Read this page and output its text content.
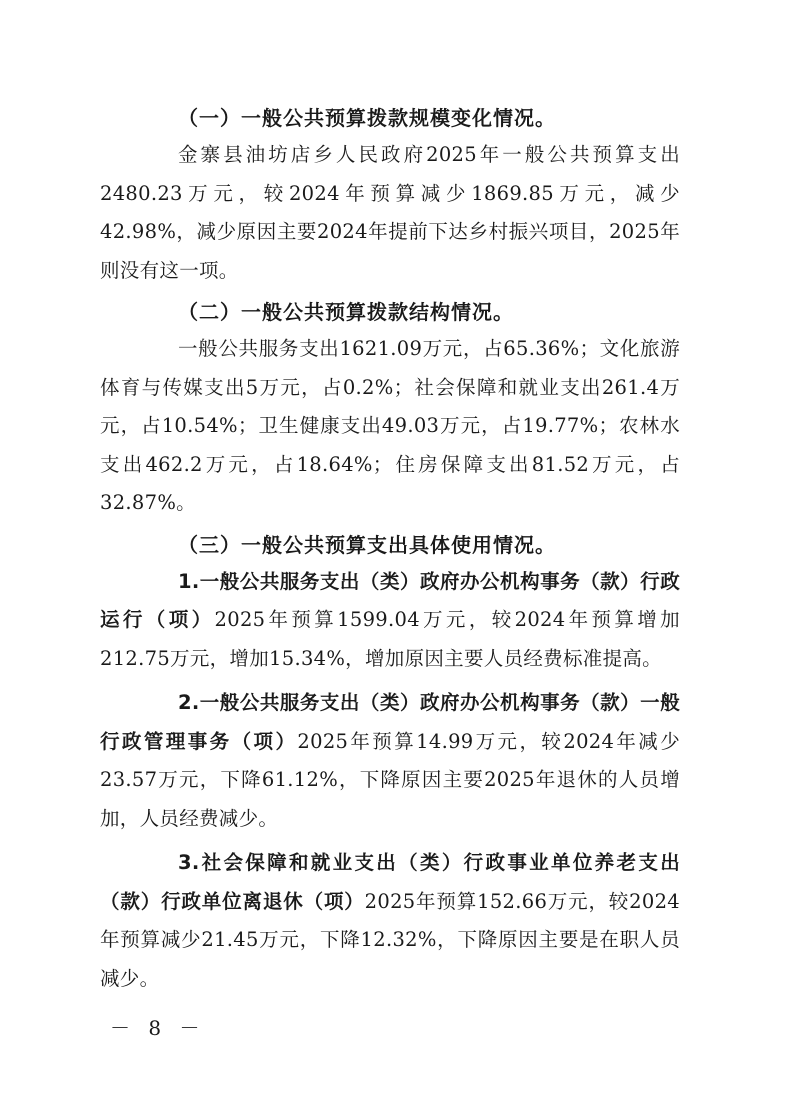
（一）一般公共预算拨款规模变化情况。

金寨县油坊店乡人民政府2025年一般公共预算支出2480.23万元，较2024年预算减少1869.85万元，减少42.98%，减少原因主要2024年提前下达乡村振兴项目，2025年则没有这一项。

（二）一般公共预算拨款结构情况。

一般公共服务支出1621.09万元，占65.36%；文化旅游体育与传媒支出5万元，占0.2%；社会保障和就业支出261.4万元，占10.54%；卫生健康支出49.03万元，占19.77%；农林水支出462.2万元，占18.64%；住房保障支出81.52万元，占32.87%。

（三）一般公共预算支出具体使用情况。

1.一般公共服务支出（类）政府办公机构事务（款）行政运行（项）2025年预算1599.04万元，较2024年预算增加212.75万元，增加15.34%，增加原因主要人员经费标准提高。

2.一般公共服务支出（类）政府办公机构事务（款）一般行政管理事务（项）2025年预算14.99万元，较2024年减少23.57万元，下降61.12%，下降原因主要2025年退休的人员增加，人员经费减少。

3.社会保障和就业支出（类）行政事业单位养老支出（款）行政单位离退休（项）2025年预算152.66万元，较2024年预算减少21.45万元，下降12.32%，下降原因主要是在职人员减少。

－ 8 －
